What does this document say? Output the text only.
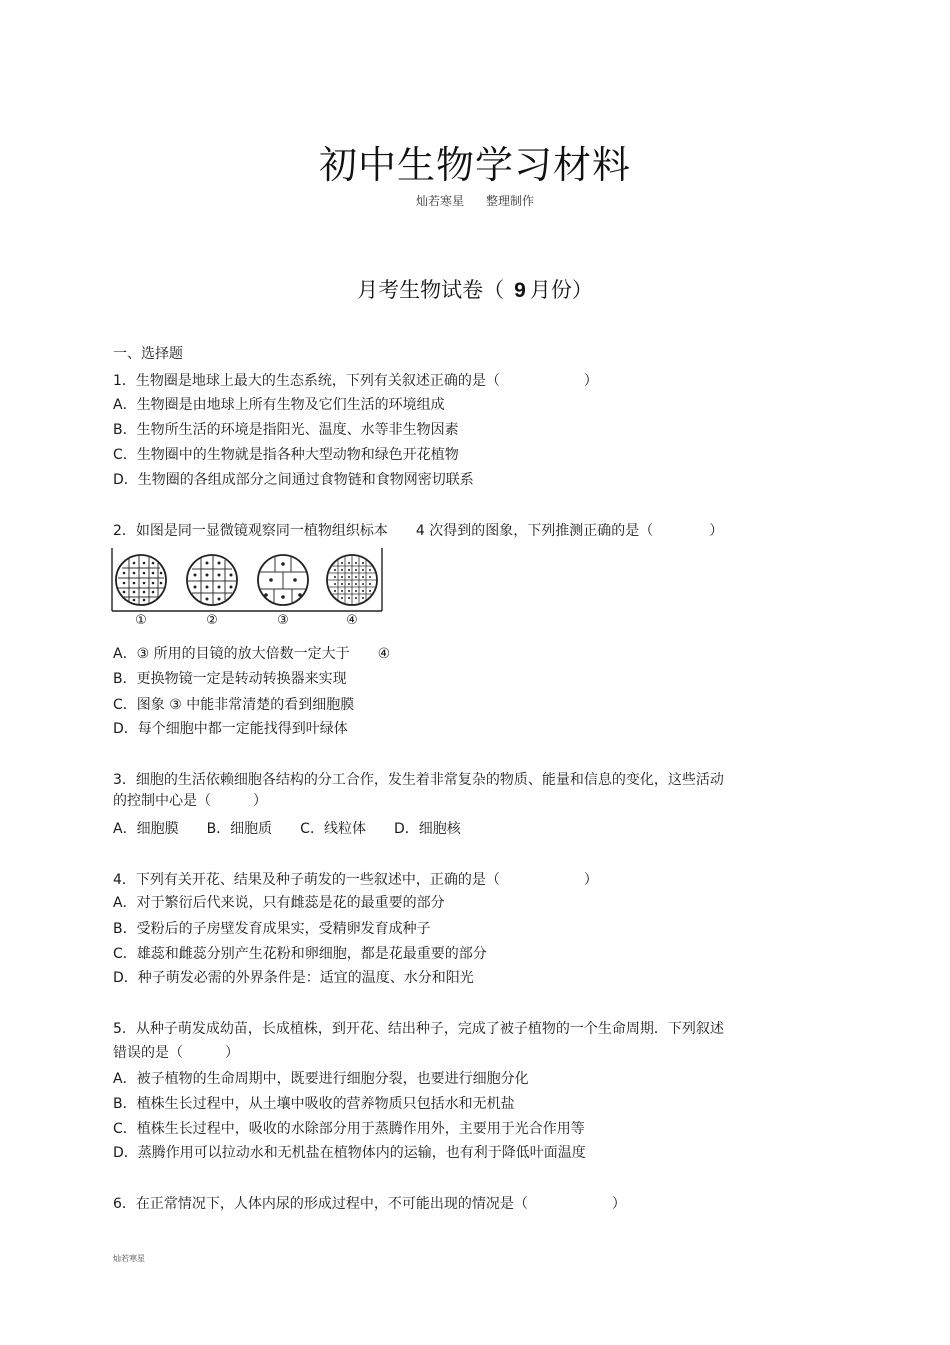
初中生物学习材料
灿若寒星 整理制作
月考生物试卷（ 9 月份）
一、选择题
1．生物圈是地球上最大的生态系统，下列有关叙述正确的是（　　　　　　）
A．生物圈是由地球上所有生物及它们生活的环境组成
B．生物所生活的环境是指阳光、温度、水等非生物因素
C．生物圈中的生物就是指各种大型动物和绿色开花植物
D．生物圈的各组成部分之间通过食物链和食物网密切联系
2．如图是同一显微镜观察同一植物组织标本　　4 次得到的图象，下列推测正确的是（　　　　）
①	②	③	④
A．③ 所用的目镜的放大倍数一定大于　　④
B．更换物镜一定是转动转换器来实现
C．图象 ③ 中能非常清楚的看到细胞膜
D．每个细胞中都一定能找得到叶绿体
3．细胞的生活依赖细胞各结构的分工合作，发生着非常复杂的物质、能量和信息的变化，这些活动
的控制中心是（　　　）
A．细胞膜　　B．细胞质　　C．线粒体　　D．细胞核
4．下列有关开花、结果及种子萌发的一些叙述中，正确的是（　　　　　　）
A．对于繁衍后代来说，只有雌蕊是花的最重要的部分
B．受粉后的子房壁发育成果实，受精卵发育成种子
C．雄蕊和雌蕊分别产生花粉和卵细胞，都是花最重要的部分
D．种子萌发必需的外界条件是：适宜的温度、水分和阳光
5．从种子萌发成幼苗，长成植株，到开花、结出种子，完成了被子植物的一个生命周期．下列叙述
错误的是（　　　）
A．被子植物的生命周期中，既要进行细胞分裂，也要进行细胞分化
B．植株生长过程中，从土壤中吸收的营养物质只包括水和无机盐
C．植株生长过程中，吸收的水除部分用于蒸腾作用外，主要用于光合作用等
D．蒸腾作用可以拉动水和无机盐在植物体内的运输，也有利于降低叶面温度
6．在正常情况下，人体内尿的形成过程中，不可能出现的情况是（　　　　　　）
灿若寒星
